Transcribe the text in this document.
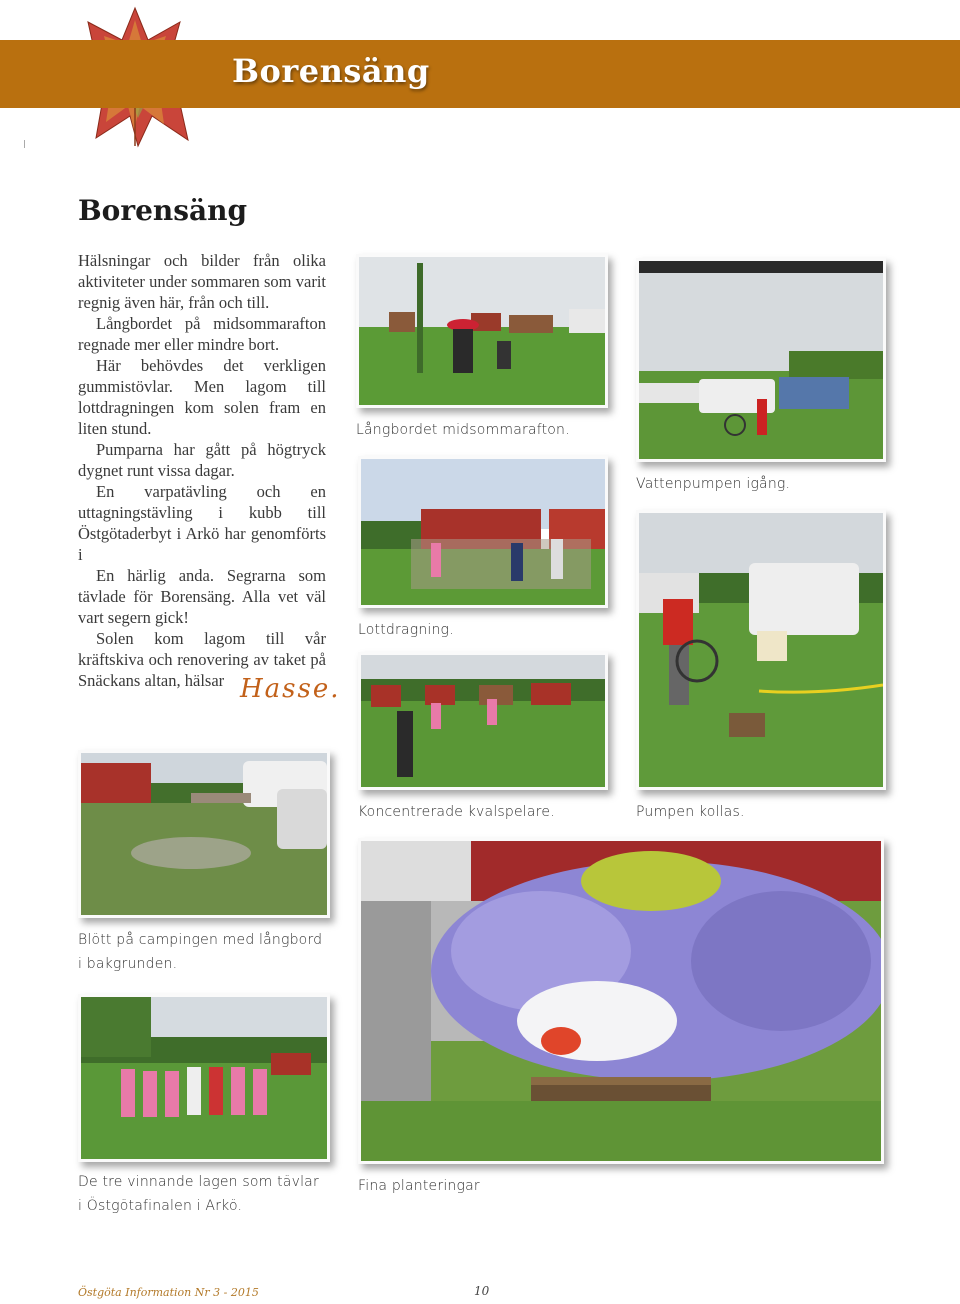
Borensäng
Borensäng

Hälsningar och bilder från olika aktiviteter under sommaren som varit regnig även här, från och till.

Långbordet på midsommarafton regnade mer eller mindre bort.

Här behövdes det verkligen gummistövlar. Men lagom till lottdragningen kom solen fram en liten stund.

Pumparna har gått på högtryck dygnet runt vissa dagar.

En varpatävling och en uttagningstävling i kubb till Östgötaderbyt i Arkö har genomförts i

En härlig anda. Segrarna som tävlade för Borensäng. Alla vet väl vart segern gick!

Solen kom lagom till vår kräftskiva och renovering av taket på Snäckans altan, hälsar Hasse.
Långbordet midsommarafton.
Vattenpumpen igång.
Lottdragning.
Koncentrerade kvalspelare.	Pumpen kollas.
Blött på campingen med långbord i bakgrunden.
Fina planteringar
De tre vinnande lagen som tävlar i Östgötafinalen i Arkö.
Östgöta Information Nr 3 - 2015	10
